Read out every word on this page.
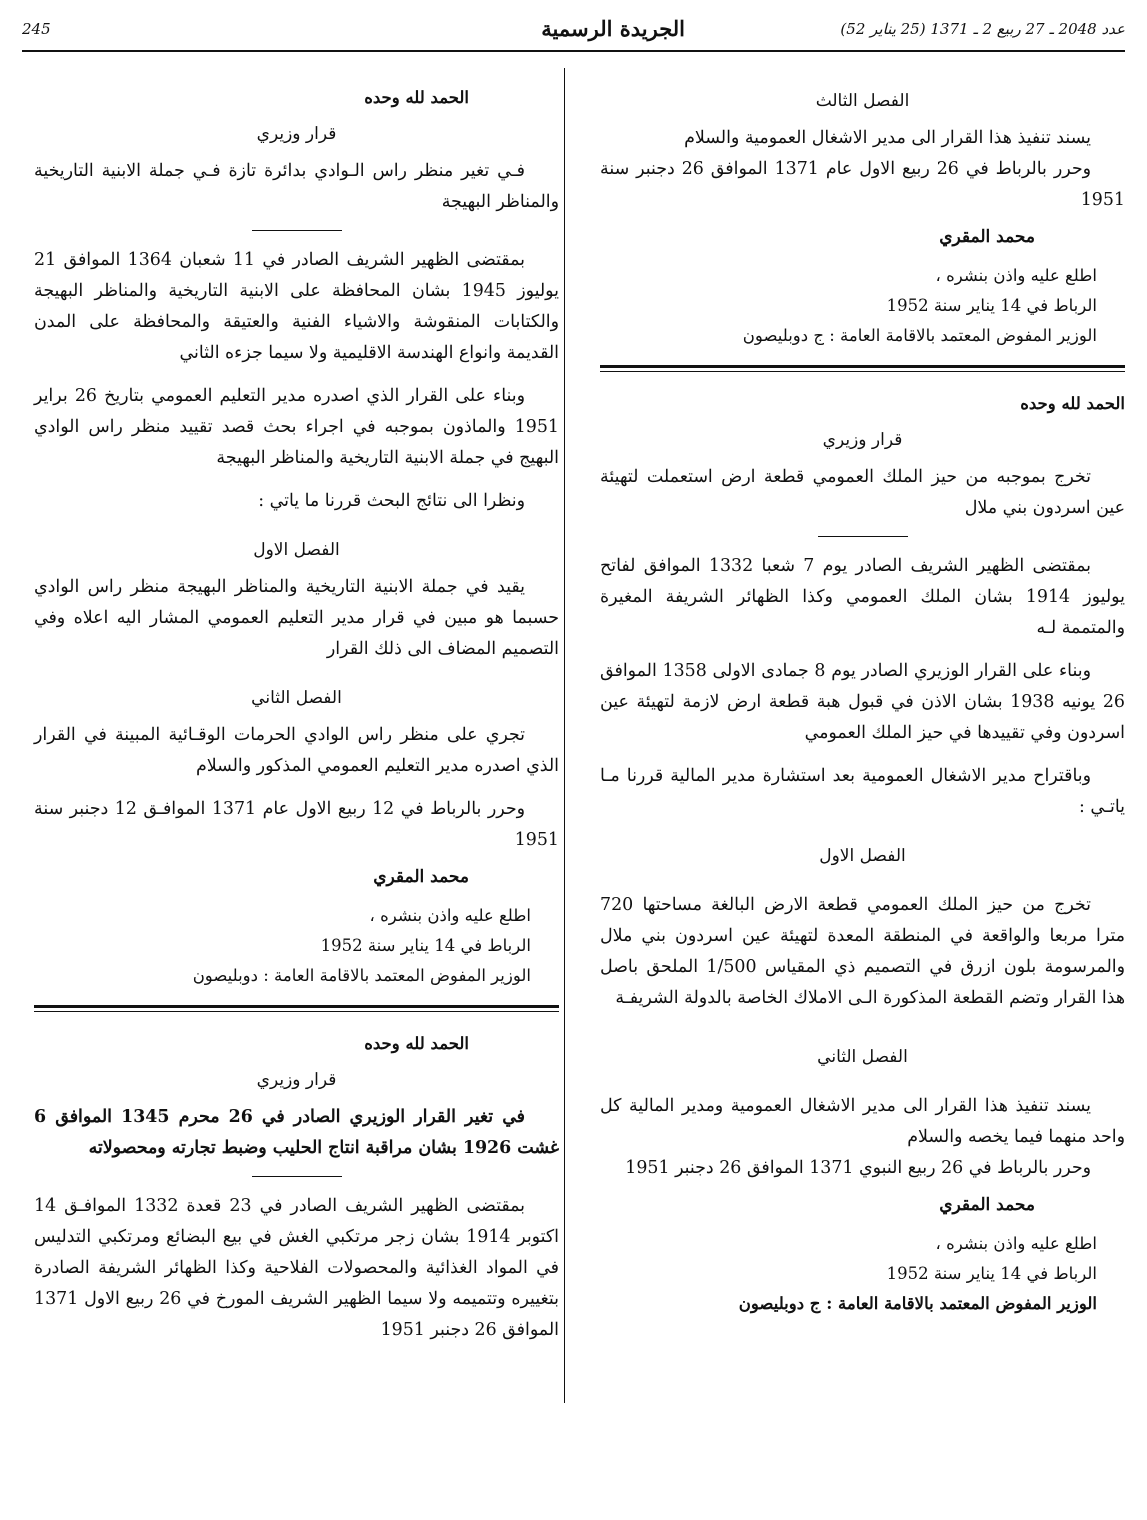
عدد 2048 ـ 27 ربيع 2 ـ 1371 (25 يناير 52)
الجريدة الرسمية
245

الفصل الثالث

يسند تنفيذ هذا القرار الى مدير الاشغال العمومية والسلام

وحرر بالرباط في 26 ربيع الاول عام 1371 الموافق 26 دجنبر سنة 1951

محمد المقري

اطلع عليه واذن بنشره ،

الرباط في 14 يناير سنة 1952

الوزير المفوض المعتمد بالاقامة العامة : ج دوبليصون

الحمد لله وحده

قرار وزيري

تخرج بموجبه من حيز الملك العمومي قطعة ارض استعملت لتهيئة عين اسردون بني ملال

بمقتضى الظهير الشريف الصادر يوم 7 شعبا 1332 الموافق لفاتح يوليوز 1914 بشان الملك العمومي وكذا الظهائر الشريفة المغيرة والمتممة لـه

وبناء على القرار الوزيري الصادر يوم 8 جمادى الاولى 1358 الموافق 26 يونيه 1938 بشان الاذن في قبول هبة قطعة ارض لازمة لتهيئة عين اسردون وفي تقييدها في حيز الملك العمومي

وباقتراح مدير الاشغال العمومية بعد استشارة مدير المالية قررنا مـا ياتـي :

الفصل الاول

تخرج من حيز الملك العمومي قطعة الارض البالغة مساحتها 720 مترا مربعا والواقعة في المنطقة المعدة لتهيئة عين اسردون بني ملال والمرسومة بلون ازرق في التصميم ذي المقياس 1/500 الملحق باصل هذا القرار وتضم القطعة المذكورة الـى الاملاك الخاصة بالدولة الشريفـة

الفصل الثاني

يسند تنفيذ هذا القرار الى مدير الاشغال العمومية ومدير المالية كل واحد منهما فيما يخصه والسلام

وحرر بالرباط في 26 ربيع النبوي 1371 الموافق 26 دجنبر 1951

محمد المقري

اطلع عليه واذن بنشره ،

الرباط في 14 يناير سنة 1952

الوزير المفوض المعتمد بالاقامة العامة : ج دوبليصون

الحمد لله وحده

قرار وزيري

فـي تغير منظر راس الـوادي بدائرة تازة فـي جملة الابنية التاريخية والمناظر البهيجة

بمقتضى الظهير الشريف الصادر في 11 شعبان 1364 الموافق 21 يوليوز 1945 بشان المحافظة على الابنية التاريخية والمناظر البهيجة والكتابات المنقوشة والاشياء الفنية والعتيقة والمحافظة على المدن القديمة وانواع الهندسة الاقليمية ولا سيما جزءه الثاني

وبناء على القرار الذي اصدره مدير التعليم العمومي بتاريخ 26 براير 1951 والماذون بموجبه في اجراء بحث قصد تقييد منظر راس الوادي البهيج في جملة الابنية التاريخية والمناظر البهيجة

ونظرا الى نتائج البحث قررنا ما ياتي :

الفصل الاول

يقيد في جملة الابنية التاريخية والمناظر البهيجة منظر راس الوادي حسبما هو مبين في قرار مدير التعليم العمومي المشار اليه اعلاه وفي التصميم المضاف الى ذلك القرار

الفصل الثاني

تجري على منظر راس الوادي الحرمات الوقـائية المبينة في القرار الذي اصدره مدير التعليم العمومي المذكور والسلام

وحرر بالرباط في 12 ربيع الاول عام 1371 الموافـق 12 دجنبر سنة 1951

محمد المقري

اطلع عليه واذن بنشره ،

الرباط في 14 يناير سنة 1952

الوزير المفوض المعتمد بالاقامة العامة : دوبليصون

الحمد لله وحده

قرار وزيري

في تغير القرار الوزيري الصادر في 26 محرم 1345 الموافق 6 غشت 1926 بشان مراقبة انتاج الحليب وضبط تجارته ومحصولاته

بمقتضى الظهير الشريف الصادر في 23 قعدة 1332 الموافـق 14 اكتوبر 1914 بشان زجر مرتكبي الغش في بيع البضائع ومرتكبي التدليس في المواد الغذائية والمحصولات الفلاحية وكذا الظهائر الشريفة الصادرة بتغييره وتتميمه ولا سيما الظهير الشريف المورخ في 26 ربيع الاول 1371 الموافق 26 دجنبر 1951
